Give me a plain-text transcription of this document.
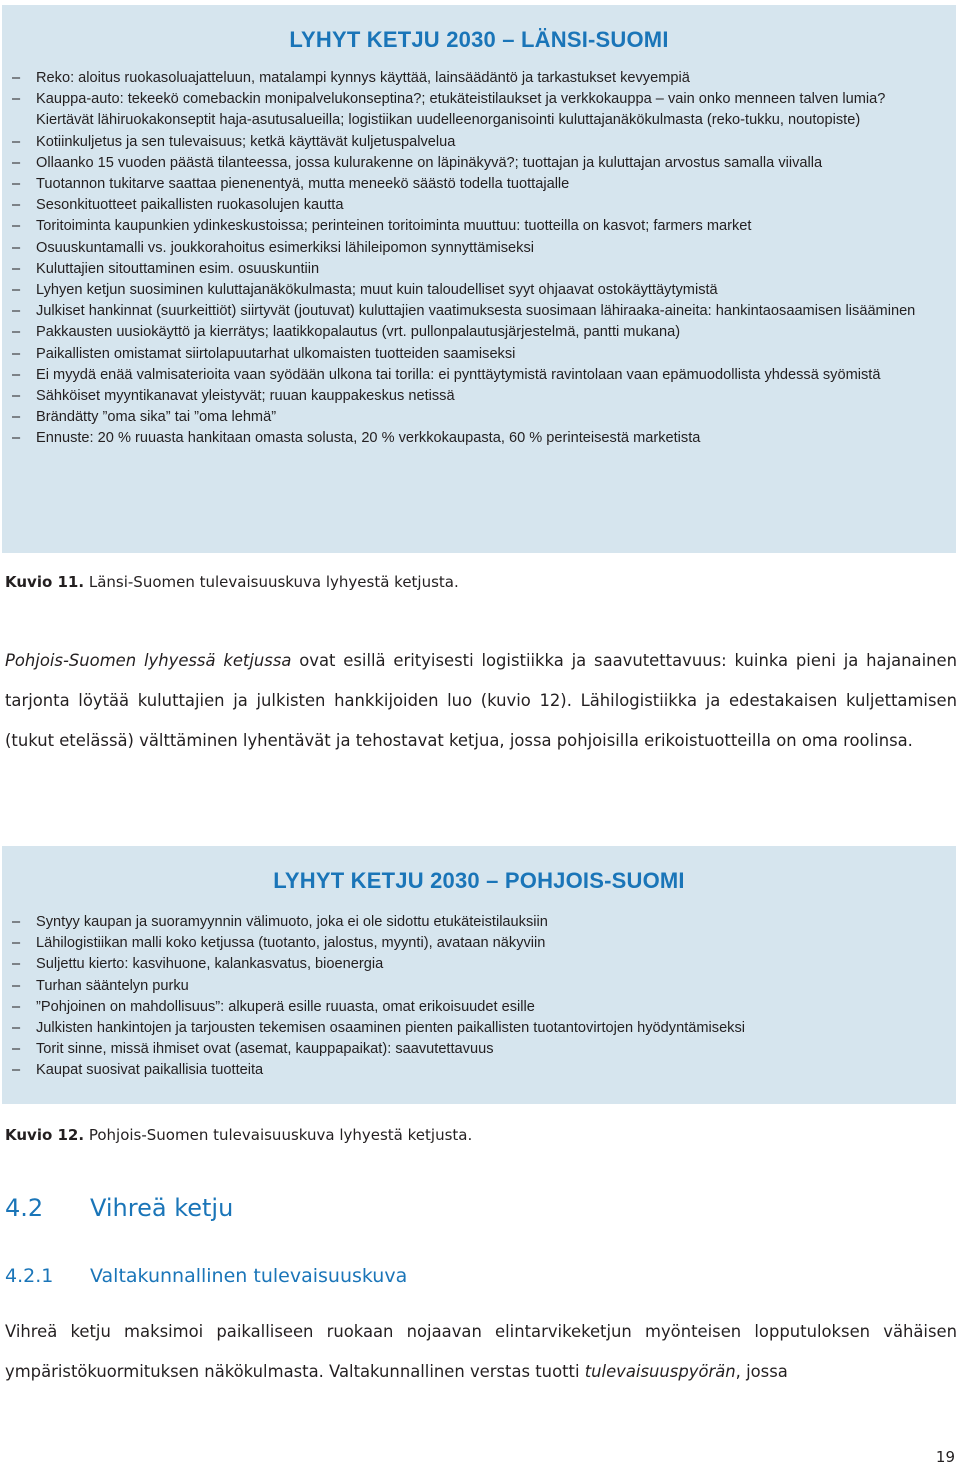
LYHYT KETJU 2030 – LÄNSI-SUOMI
– Reko: aloitus ruokasoluajatteluun, matalampi kynnys käyttää, lainsäädäntö ja tarkastukset kevyempiä
– Kauppa-auto: tekeekö comebackin monipalvelukonseptina?; etukäteistilaukset ja verkkokauppa – vain onko menneen talven lumia? Kiertävät lähiruokakonseptit haja-asutusalueilla; logistiikan uudelleenorganisointi kuluttajanäkökulmasta (reko-tukku, noutopiste)
– Kotiinkuljetus ja sen tulevaisuus; ketkä käyttävät kuljetuspalvelua
– Ollaanko 15 vuoden päästä tilanteessa, jossa kulurakenne on läpinäkyvä?; tuottajan ja kuluttajan arvostus samalla viivalla
– Tuotannon tukitarve saattaa pienenentyä, mutta meneekö säästö todella tuottajalle
– Sesonkituotteet paikallisten ruokasolujen kautta
– Toritoiminta kaupunkien ydinkeskustoissa; perinteinen toritoiminta muuttuu: tuotteilla on kasvot; farmers market
– Osuuskuntamalli vs. joukkorahoitus esimerkiksi lähileipomon synnyttämiseksi
– Kuluttajien sitouttaminen esim. osuuskuntiin
– Lyhyen ketjun suosiminen kuluttajanäkökulmasta; muut kuin taloudelliset syyt ohjaavat ostokäyttäytymistä
– Julkiset hankinnat (suurkeittiöt) siirtyvät (joutuvat) kuluttajien vaatimuksesta suosimaan lähiraaka-aineita: hankintaosaamisen lisääminen
– Pakkausten uusiokäyttö ja kierrätys; laatikkopalautus (vrt. pullonpalautusjärjestelmä, pantti mukana)
– Paikallisten omistamat siirtolapuutarhat ulkomaisten tuotteiden saamiseksi
– Ei myydä enää valmisaterioita vaan syödään ulkona tai torilla: ei pynttäytymistä ravintolaan vaan epämuodollista yhdessä syömistä
– Sähköiset myyntikanavat yleistyvät; ruuan kauppakeskus netissä
– Brändätty ”oma sika” tai ”oma lehmä”
– Ennuste: 20 % ruuasta hankitaan omasta solusta, 20 % verkkokaupasta, 60 % perinteisestä marketista
Kuvio 11. Länsi-Suomen tulevaisuuskuva lyhyestä ketjusta.

Pohjois-Suomen lyhyessä ketjussa ovat esillä erityisesti logistiikka ja saavutettavuus: kuinka pieni ja hajanainen tarjonta löytää kuluttajien ja julkisten hankkijoiden luo (kuvio 12). Lähilogistiikka ja edestakaisen kuljettamisen (tukut etelässä) välttäminen lyhentävät ja tehostavat ketjua, jossa pohjoisilla erikoistuotteilla on oma roolinsa.

LYHYT KETJU 2030 – POHJOIS-SUOMI
– Syntyy kaupan ja suoramyynnin välimuoto, joka ei ole sidottu etukäteistilauksiin
– Lähilogistiikan malli koko ketjussa (tuotanto, jalostus, myynti), avataan näkyviin
– Suljettu kierto: kasvihuone, kalankasvatus, bioenergia
– Turhan sääntelyn purku
– ”Pohjoinen on mahdollisuus”: alkuperä esille ruuasta, omat erikoisuudet esille
– Julkisten hankintojen ja tarjousten tekemisen osaaminen pienten paikallisten tuotantovirtojen hyödyntämiseksi
– Torit sinne, missä ihmiset ovat (asemat, kauppapaikat): saavutettavuus
– Kaupat suosivat paikallisia tuotteita
Kuvio 12. Pohjois-Suomen tulevaisuuskuva lyhyestä ketjusta.
4.2 Vihreä ketju
4.2.1 Valtakunnallinen tulevaisuuskuva

Vihreä ketju maksimoi paikalliseen ruokaan nojaavan elintarvikeketjun myönteisen lopputuloksen vähäisen ympäristökuormituksen näkökulmasta. Valtakunnallinen verstas tuotti tulevaisuuspyörän, jossa

19
